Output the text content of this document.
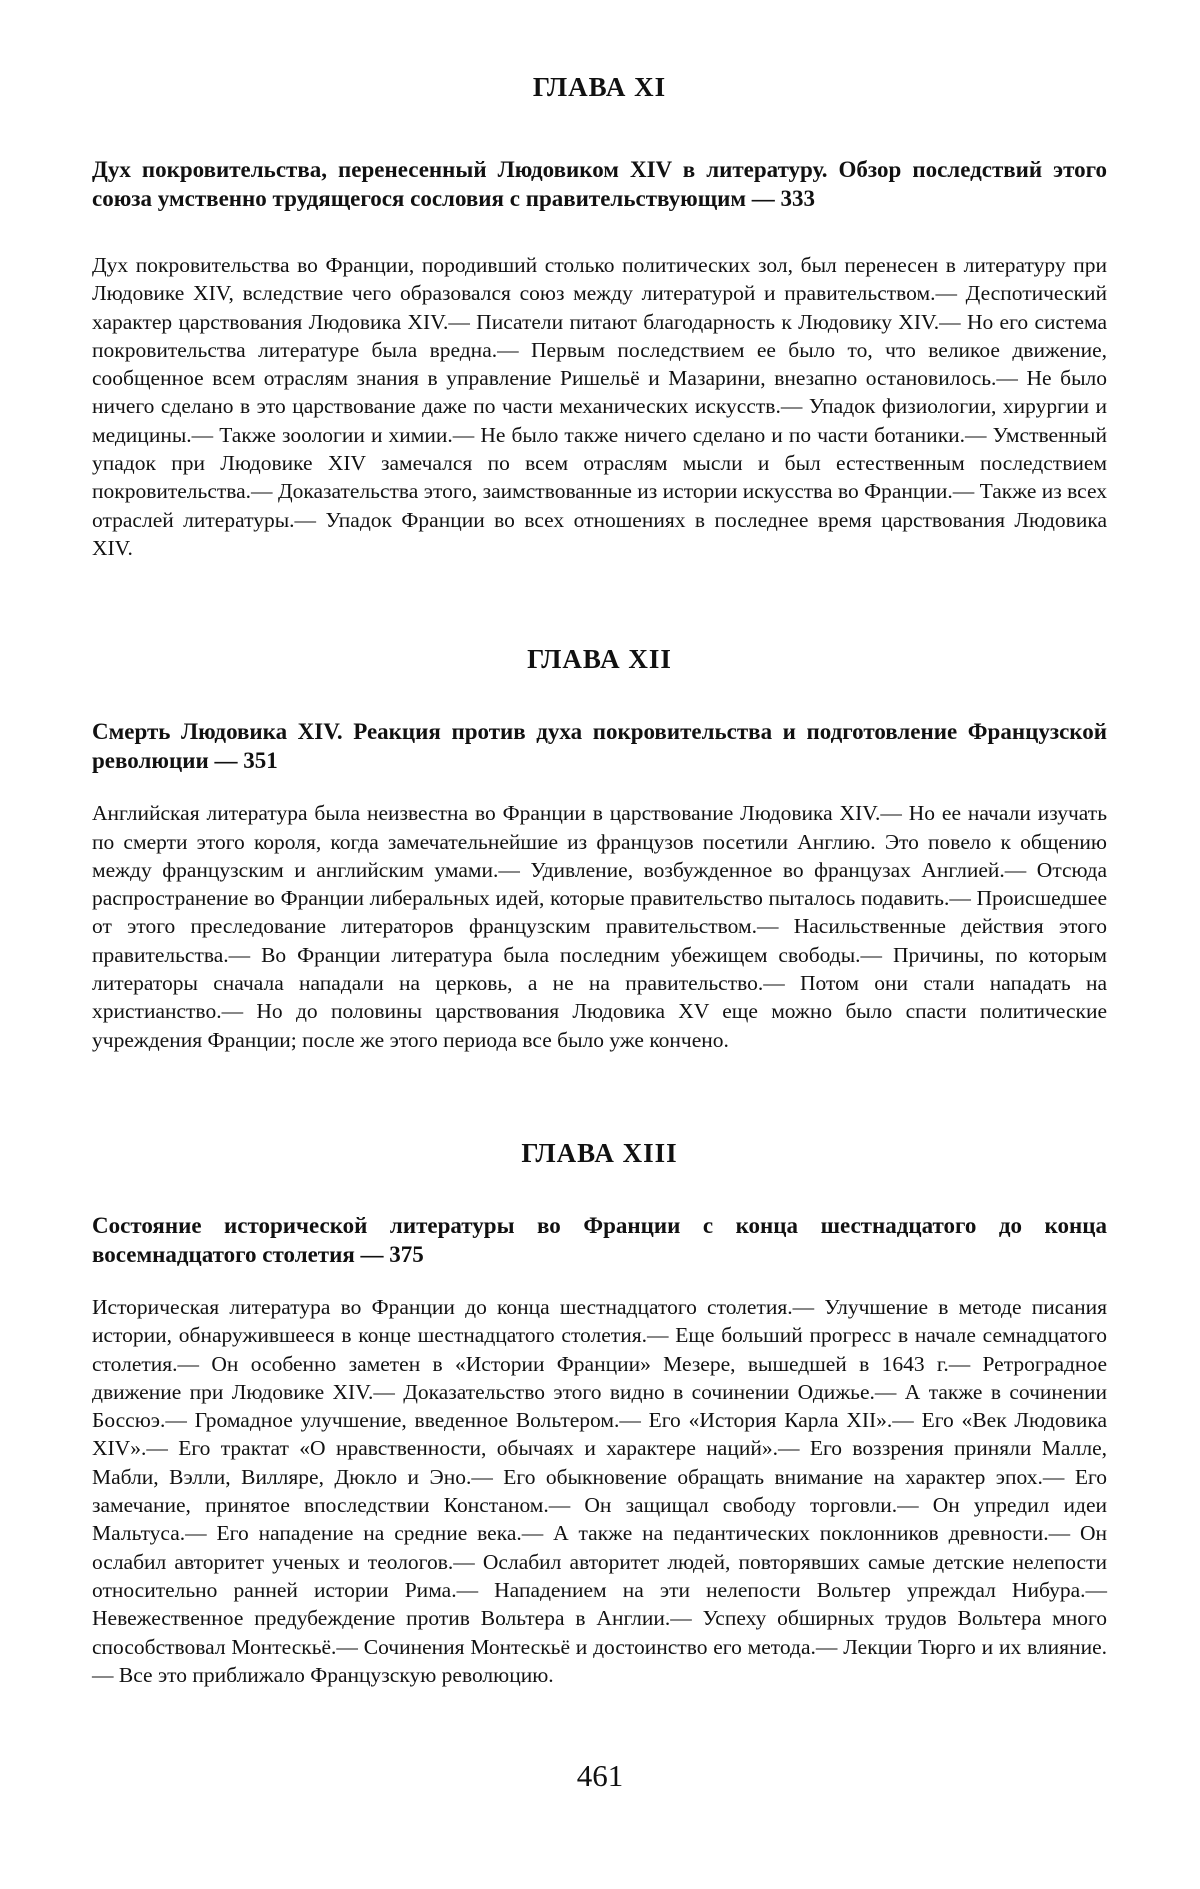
ГЛАВА XI

Дух покровительства, перенесенный Людовиком XIV в литературу. Обзор последствий этого союза умственно трудящегося сословия с правительствующим — 333

Дух покровительства во Франции, породивший столько политических зол, был перенесен в литературу при Людовике XIV, вследствие чего образовался союз между литературой и правительством.— Деспотический характер царствования Людовика XIV.— Писатели питают благодарность к Людовику XIV.— Но его система покровительства литературе была вредна.— Первым последствием ее было то, что великое движение, сообщенное всем отраслям знания в управление Ришельё и Мазарини, внезапно остановилось.— Не было ничего сделано в это царствование даже по части механических искусств.— Упадок физиологии, хирургии и медицины.— Также зоологии и химии.— Не было также ничего сделано и по части ботаники.— Умственный упадок при Людовике XIV замечался по всем отраслям мысли и был естественным последствием покровительства.— Доказательства этого, заимствованные из истории искусства во Франции.— Также из всех отраслей литературы.— Упадок Франции во всех отношениях в последнее время царствования Людовика XIV.

ГЛАВА XII

Смерть Людовика XIV. Реакция против духа покровительства и подготовление Французской революции — 351

Английская литература была неизвестна во Франции в царствование Людовика XIV.— Но ее начали изучать по смерти этого короля, когда замечательнейшие из французов посетили Англию. Это повело к общению между французским и английским умами.— Удивление, возбужденное во французах Англией.— Отсюда распространение во Франции либеральных идей, которые правительство пыталось подавить.— Происшедшее от этого преследование литераторов французским правительством.— Насильственные действия этого правительства.— Во Франции литература была последним убежищем свободы.— Причины, по которым литераторы сначала нападали на церковь, а не на правительство.— Потом они стали нападать на христианство.— Но до половины царствования Людовика XV еще можно было спасти политические учреждения Франции; после же этого периода все было уже кончено.

ГЛАВА XIII

Состояние исторической литературы во Франции с конца шестнадцатого до конца восемнадцатого столетия — 375

Историческая литература во Франции до конца шестнадцатого столетия.— Улучшение в методе писания истории, обнаружившееся в конце шестнадцатого столетия.— Еще больший прогресс в начале семнадцатого столетия.— Он особенно заметен в «Истории Франции» Мезере, вышедшей в 1643 г.— Ретроградное движение при Людовике XIV.— Доказательство этого видно в сочинении Оди­жье.— А также в сочинении Боссюэ.— Громадное улучшение, введенное Вольтером.— Его «История Карла XII».— Его «Век Людовика XIV».— Его трактат «О нравственности, обычаях и характере наций».— Его воззрения приняли Малле, Мабли, Вэлли, Вилляре, Дюкло и Эно.— Его обыкновение обращать внимание на характер эпох.— Его замечание, принятое впоследствии Констаном.— Он защищал свободу торговли.— Он упредил идеи Мальтуса.— Его нападение на средние века.— А также на педантических поклонников древности.— Он ослабил авторитет ученых и теологов.— Ослабил авторитет людей, повторявших самые детские нелепости относительно ранней истории Рима.— Нападением на эти нелепости Вольтер упреждал Нибура.— Невежественное предубеждение против Вольтера в Англии.— Успеху обширных трудов Вольтера много способствовал Монтескьё.— Сочинения Монтескьё и достоинство его метода.— Лекции Тюрго и их влияние.— Все это приближало Французскую революцию.

461
